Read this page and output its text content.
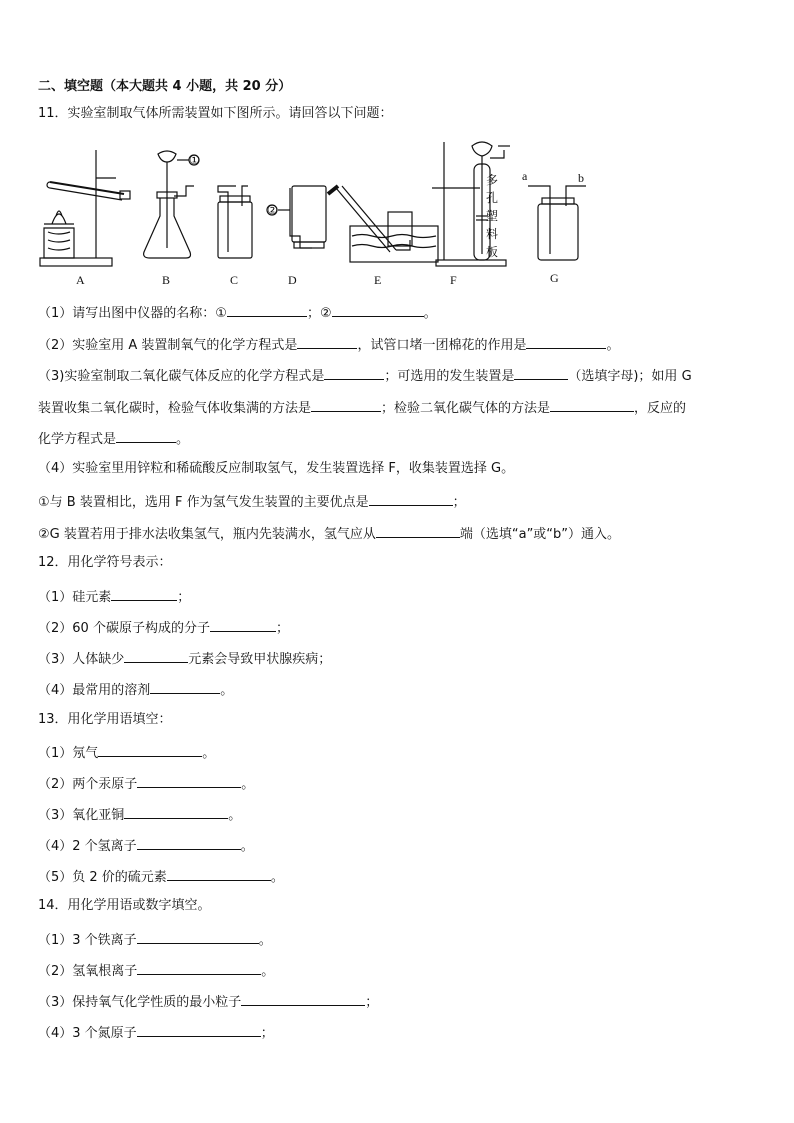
二、填空题（本大题共 4 小题，共 20 分）
11．实验室制取气体所需装置如下图所示。请回答以下问题：
A	B	C	D	E	F	G
①
②
a	b
多
孔
塑
料
板
（1）请写出图中仪器的名称：①	；②	。
（2）实验室用 A 装置制氧气的化学方程式是	，试管口堵一团棉花的作用是	。
（3)实验室制取二氧化碳气体反应的化学方程式是	；可选用的发生装置是	（选填字母)；如用 G
装置收集二氧化碳时，检验气体收集满的方法是	；检验二氧化碳气体的方法是	，反应的
化学方程式是	。
（4）实验室里用锌粒和稀硫酸反应制取氢气，发生装置选择 F，收集装置选择 G。
①与 B 装置相比，选用 F 作为氢气发生装置的主要优点是	；
②G 装置若用于排水法收集氢气，瓶内先装满水，氢气应从	端（选填“a”或“b”）通入。
12．用化学符号表示：
（1）硅元素	；
（2）60 个碳原子构成的分子	；
（3）人体缺少	元素会导致甲状腺疾病；
（4）最常用的溶剂	。
13．用化学用语填空：
（1）氖气	。
（2）两个汞原子	。
（3）氧化亚铜	。
（4）2 个氢离子	。
（5）负 2 价的硫元素	。
14．用化学用语或数字填空。
（1）3 个铁离子	。
（2）氢氧根离子	。
（3）保持氧气化学性质的最小粒子	；
（4）3 个氮原子	；
